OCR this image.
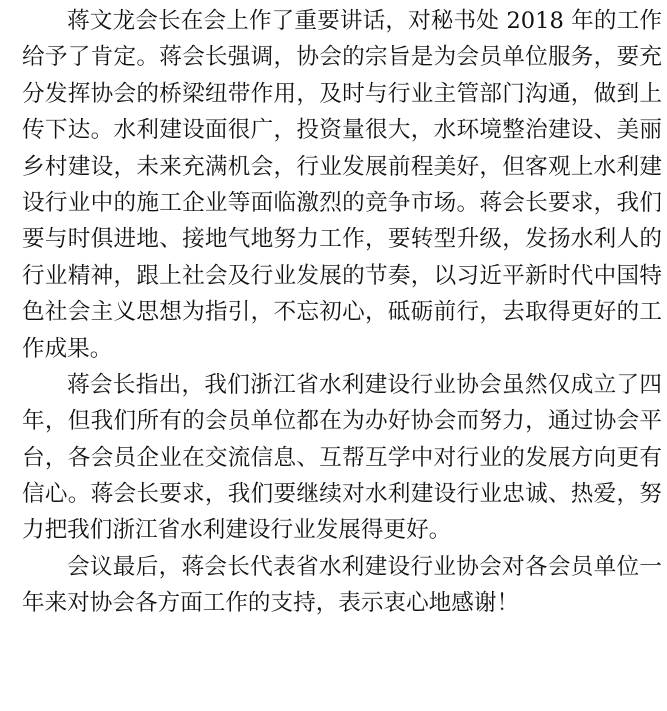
蒋文龙会长在会上作了重要讲话，对秘书处 2018 年的工作
给予了肯定。蒋会长强调，协会的宗旨是为会员单位服务，要充
分发挥协会的桥梁纽带作用，及时与行业主管部门沟通，做到上
传下达。水利建设面很广，投资量很大，水环境整治建设、美丽
乡村建设，未来充满机会，行业发展前程美好，但客观上水利建
设行业中的施工企业等面临激烈的竞争市场。蒋会长要求，我们
要与时俱进地、接地气地努力工作，要转型升级，发扬水利人的
行业精神，跟上社会及行业发展的节奏，以习近平新时代中国特
色社会主义思想为指引，不忘初心，砥砺前行，去取得更好的工
作成果。

蒋会长指出，我们浙江省水利建设行业协会虽然仅成立了四
年，但我们所有的会员单位都在为办好协会而努力，通过协会平
台，各会员企业在交流信息、互帮互学中对行业的发展方向更有
信心。蒋会长要求，我们要继续对水利建设行业忠诚、热爱，努
力把我们浙江省水利建设行业发展得更好。

会议最后，蒋会长代表省水利建设行业协会对各会员单位一
年来对协会各方面工作的支持，表示衷心地感谢！
